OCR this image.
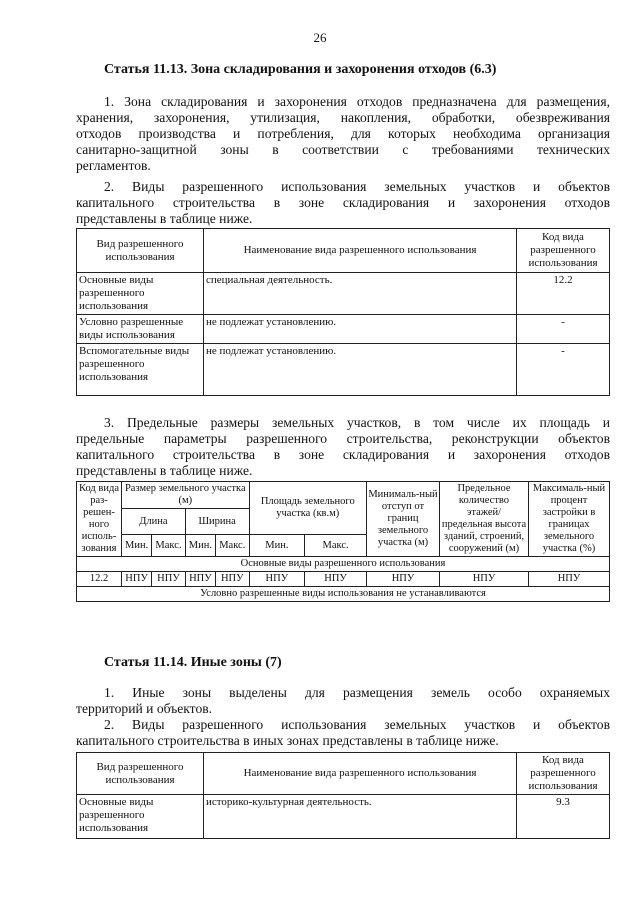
26
Статья 11.13. Зона складирования и захоронения отходов (6.3)
1. Зона складирования и захоронения отходов предназначена для размещения,
хранения, захоронения, утилизация, накопления, обработки, обезвреживания
отходов производства и потребления, для которых необходима организация
санитарно-защитной зоны в соответствии с требованиями технических
регламентов.
2. Виды разрешенного использования земельных участков и объектов
капитального строительства в зоне складирования и захоронения отходов
представлены в таблице ниже.
Вид разрешенного использования	Наименование вида разрешенного использования	Код вида разрешенного использования
Основные виды разрешенного использования	специальная деятельность.	12.2
Условно разрешенные виды использования	не подлежат установлению.	-
Вспомогательные виды разрешенного использования	не подлежат установлению.	-
3. Предельные размеры земельных участков, в том числе их площадь и
предельные параметры разрешенного строительства, реконструкции объектов
капитального строительства в зоне складирования и захоронения отходов
представлены в таблице ниже.
Код вида раз-решен-ного исполь-зования	Размер земельного участка (м)				Площадь земельного участка (кв.м)		Минималь-ный отступ от границ земельного участка (м)	Предельное количество этажей/ предельная высота зданий, строений, сооружений (м)	Максималь-ный процент застройки в границах земельного участка (%)
	Длина		Ширина						
	Мин.	Макс.	Мин.	Макс.	Мин.	Макс.			
Основные виды разрешенного использования									
12.2	НПУ	НПУ	НПУ	НПУ	НПУ	НПУ	НПУ	НПУ	НПУ
Условно разрешенные виды использования не устанавливаются									
Статья 11.14. Иные зоны (7)
1. Иные зоны выделены для размещения земель особо охраняемых
территорий и объектов.
2. Виды разрешенного использования земельных участков и объектов
капитального строительства в иных зонах представлены в таблице ниже.
Вид разрешенного использования	Наименование вида разрешенного использования	Код вида разрешенного использования
Основные виды разрешенного использования	историко-культурная деятельность.	9.3
